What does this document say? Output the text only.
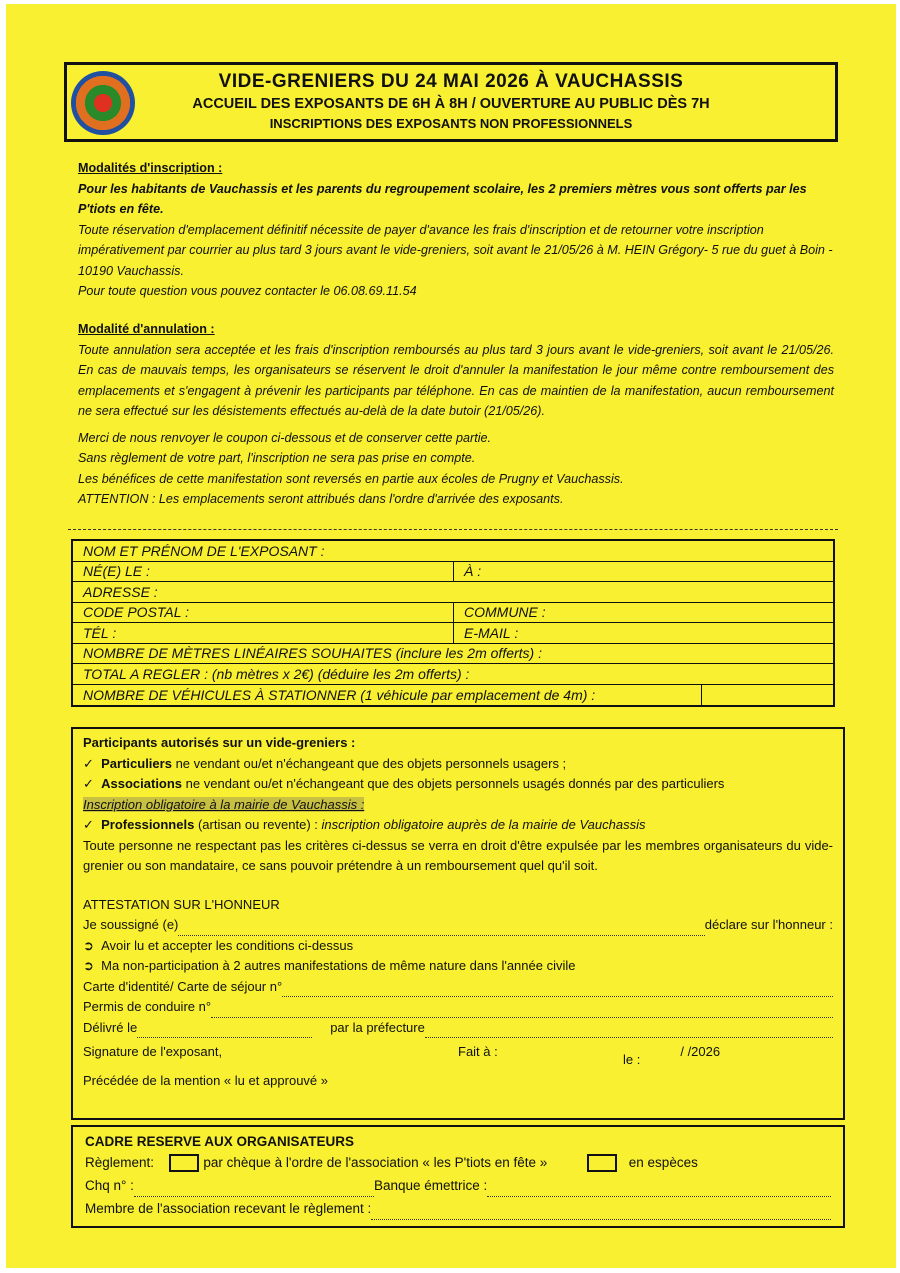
VIDE-GRENIERS DU 24 MAI 2026 À VAUCHASSIS
ACCUEIL DES EXPOSANTS DE 6H À 8H / OUVERTURE AU PUBLIC DÈS 7H
INSCRIPTIONS DES EXPOSANTS NON PROFESSIONNELS
Modalités d'inscription :
Pour les habitants de Vauchassis et les parents du regroupement scolaire, les 2 premiers mètres vous sont offerts par les P'tiots en fête.
Toute réservation d'emplacement définitif nécessite de payer d'avance les frais d'inscription et de retourner votre inscription impérativement par courrier au plus tard 3 jours avant le vide-greniers, soit avant le 21/05/26 à M. HEIN Grégory- 5 rue du guet à Boin - 10190 Vauchassis.
Pour toute question vous pouvez contacter le 06.08.69.11.54
Modalité d'annulation :
Toute annulation sera acceptée et les frais d'inscription remboursés au plus tard 3 jours avant le vide-greniers, soit avant le 21/05/26. En cas de mauvais temps, les organisateurs se réservent le droit d'annuler la manifestation le jour même contre remboursement des emplacements et s'engagent à prévenir les participants par téléphone. En cas de maintien de la manifestation, aucun remboursement ne sera effectué sur les désistements effectués au-delà de la date butoir (21/05/26).
Merci de nous renvoyer le coupon ci-dessous et de conserver cette partie.
Sans règlement de votre part, l'inscription ne sera pas prise en compte.
Les bénéfices de cette manifestation sont reversés en partie aux écoles de Prugny et Vauchassis.
ATTENTION : Les emplacements seront attribués dans l'ordre d'arrivée des exposants.
NOM ET PRÉNOM DE L'EXPOSANT :
NÉ(E) LE :	À :
ADRESSE :
CODE POSTAL :	COMMUNE :
TÉL :	E-MAIL :
NOMBRE DE MÈTRES LINÉAIRES SOUHAITES (inclure les 2m offerts) :
TOTAL A REGLER : (nb mètres x 2€) (déduire les 2m offerts) :
NOMBRE DE VÉHICULES À STATIONNER (1 véhicule par emplacement de 4m) :
Participants autorisés sur un vide-greniers :
✓  Particuliers ne vendant ou/et n'échangeant que des objets personnels usagers ;
✓  Associations ne vendant ou/et n'échangeant que des objets personnels usagés donnés par des particuliers
Inscription obligatoire à la mairie de Vauchassis :
✓  Professionnels (artisan ou revente) : inscription obligatoire auprès de la mairie de Vauchassis
Toute personne ne respectant pas les critères ci-dessus se verra en droit d'être expulsée par les membres organisateurs du vide-grenier ou son mandataire, ce sans pouvoir prétendre à un remboursement quel qu'il soit.
ATTESTATION SUR L'HONNEUR
Je soussigné (e)	déclare sur l'honneur :
➲  Avoir lu et accepter les conditions ci-dessus
➲  Ma non-participation à 2 autres manifestations de même nature dans l'année civile
Carte d'identité/ Carte de séjour n°
Permis de conduire n°
Délivré le	par la préfecture
Signature de l'exposant,	Fait à :
le :
/ /2026
Précédée de la mention « lu et approuvé »
CADRE RESERVE AUX ORGANISATEURS
Règlement:	par chèque à l'ordre de l'association « les P'tiots en fête »	en espèces
Chq n° :	Banque émettrice :
Membre de l'association recevant le règlement :
